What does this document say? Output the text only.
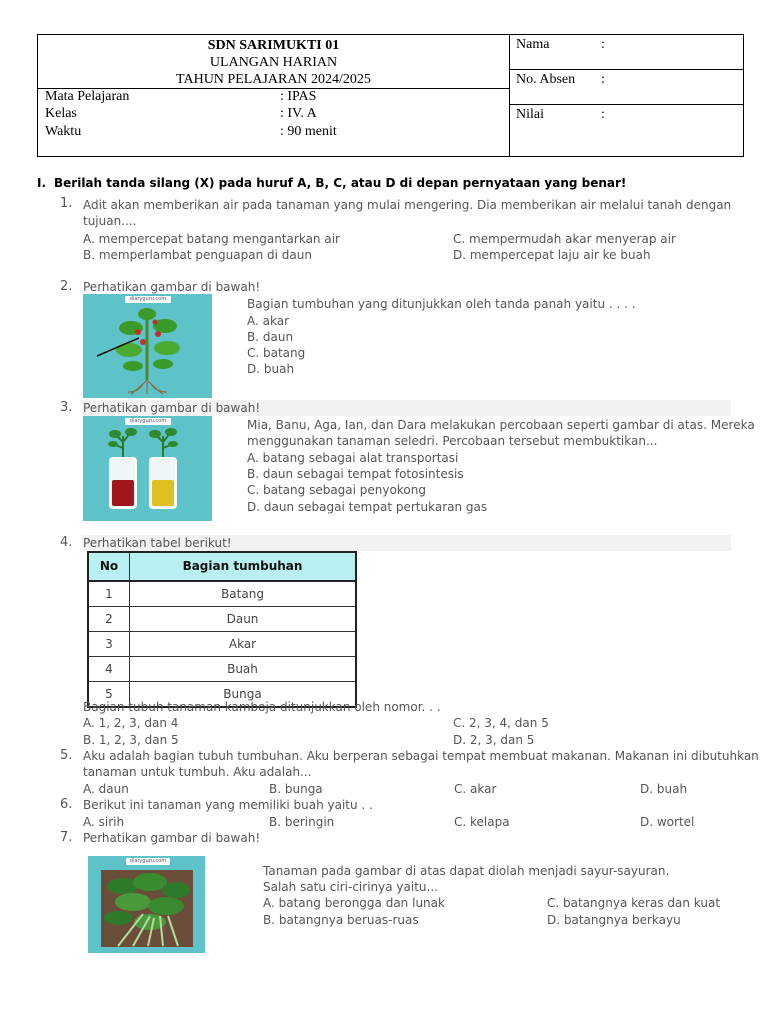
SDN SARIMUKTI 01
ULANGAN HARIAN
TAHUN PELAJARAN 2024/2025
Mata Pelajaran	: IPAS
Kelas	: IV. A
Waktu	: 90 menit
Nama	:
No. Absen :
Nilai	:
I. Berilah tanda silang (X) pada huruf A, B, C, atau D di depan pernyataan yang benar!
1. Adit akan memberikan air pada tanaman yang mulai mengering. Dia memberikan air melalui tanah dengan
tujuan....
A. mempercepat batang mengantarkan air	C. mempermudah akar menyerap air
B. memperlambat penguapan di daun	D. mempercepat laju air ke buah
2. Perhatikan gambar di bawah!
diaryguru.com	Bagian tumbuhan yang ditunjukkan oleh tanda panah yaitu . . . .
A. akar
B. daun
C. batang
D. buah
3. Perhatikan gambar di bawah!
diaryguru.com	Mia, Banu, Aga, Ian, dan Dara melakukan percobaan seperti gambar di atas. Mereka
menggunakan tanaman seledri. Percobaan tersebut membuktikan...
A. batang sebagai alat transportasi
B. daun sebagai tempat fotosintesis
C. batang sebagai penyokong
D. daun sebagai tempat pertukaran gas
4. Perhatikan tabel berikut!
No	Bagian tumbuhan
1	Batang
2	Daun
3	Akar
4	Buah
5	Bunga
Bagian tubuh tanaman kamboja ditunjukkan oleh nomor. . .
A. 1, 2, 3, dan 4	C. 2, 3, 4, dan 5
B. 1, 2, 3, dan 5	D. 2, 3, dan 5
5. Aku adalah bagian tubuh tumbuhan. Aku berperan sebagai tempat membuat makanan. Makanan ini dibutuhkan
tanaman untuk tumbuh. Aku adalah...
A. daun	B. bunga	C. akar	D. buah
6. Berikut ini tanaman yang memiliki buah yaitu . .
A. sirih	B. beringin	C. kelapa	D. wortel
7. Perhatikan gambar di bawah!
diaryguru.com
Tanaman pada gambar di atas dapat diolah menjadi sayur-sayuran.
Salah satu ciri-cirinya yaitu...
A. batang berongga dan lunak	C. batangnya keras dan kuat
B. batangnya beruas-ruas	D. batangnya berkayu
